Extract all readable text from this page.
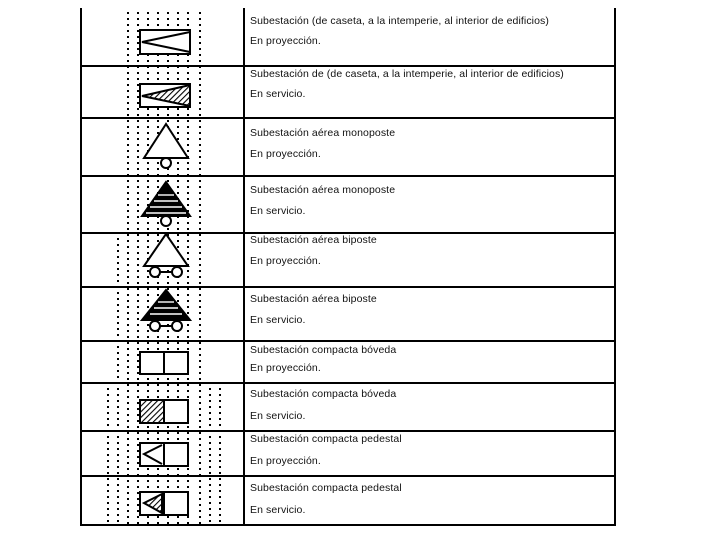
Subestación (de caseta, a la intemperie, al interior de edificios)
En proyección.
Subestación de (de caseta, a la intemperie, al interior de edificios)
En servicio.
Subestación aérea monoposte
En proyección.
Subestación aérea monoposte
En servicio.
Subestación aérea biposte
En proyección.
Subestación aérea biposte
En servicio.
Subestación compacta bóveda
En proyección.
Subestación compacta bóveda
En servicio.
Subestación compacta pedestal
En proyección.
Subestación compacta pedestal
En servicio.
